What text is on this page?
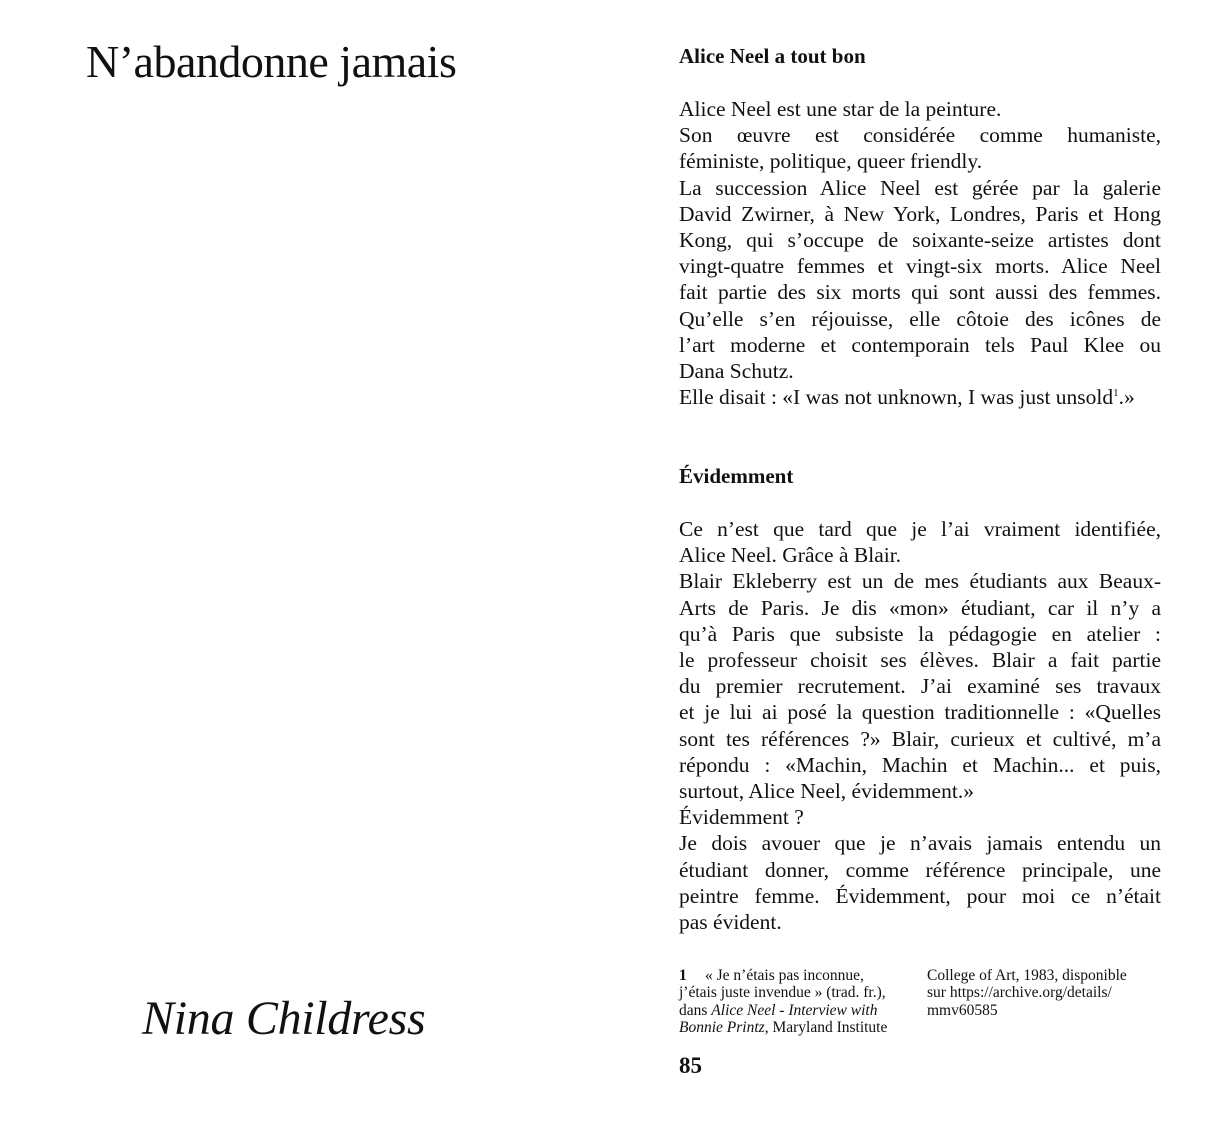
N’abandonne jamais

Nina Childress

Alice Neel a tout bon
Alice Neel est une star de la peinture.
Son œuvre est considérée comme humaniste,
féministe, politique, queer friendly.
La succession Alice Neel est gérée par la galerie
David Zwirner, à New York, Londres, Paris et Hong
Kong, qui s’occupe de soixante-seize artistes dont
vingt-quatre femmes et vingt-six morts. Alice Neel
fait partie des six morts qui sont aussi des femmes.
Qu’elle s’en réjouisse, elle côtoie des icônes de
l’art moderne et contemporain tels Paul Klee ou
Dana Schutz.
Elle disait : «I was not unknown, I was just unsold$^1$.»
Évidemment
Ce n’est que tard que je l’ai vraiment identifiée,
Alice Neel. Grâce à Blair.
Blair Ekleberry est un de mes étudiants aux Beaux-
Arts de Paris. Je dis «mon» étudiant, car il n’y a
qu’à Paris que subsiste la pédagogie en atelier :
le professeur choisit ses élèves. Blair a fait partie
du premier recrutement. J’ai examiné ses travaux
et je lui ai posé la question traditionnelle : «Quelles
sont tes références ?» Blair, curieux et cultivé, m’a
répondu : «Machin, Machin et Machin... et puis,
surtout, Alice Neel, évidemment.»
Évidemment ?
Je dois avouer que je n’avais jamais entendu un
étudiant donner, comme référence principale, une
peintre femme. Évidemment, pour moi ce n’était
pas évident.
1 « Je n’étais pas inconnue,
j’étais juste invendue » (trad. fr.),
dans Alice Neel - Interview with
Bonnie Printz, Maryland Institute
College of Art, 1983, disponible
sur https://archive.org/details/
mmv60585

85
